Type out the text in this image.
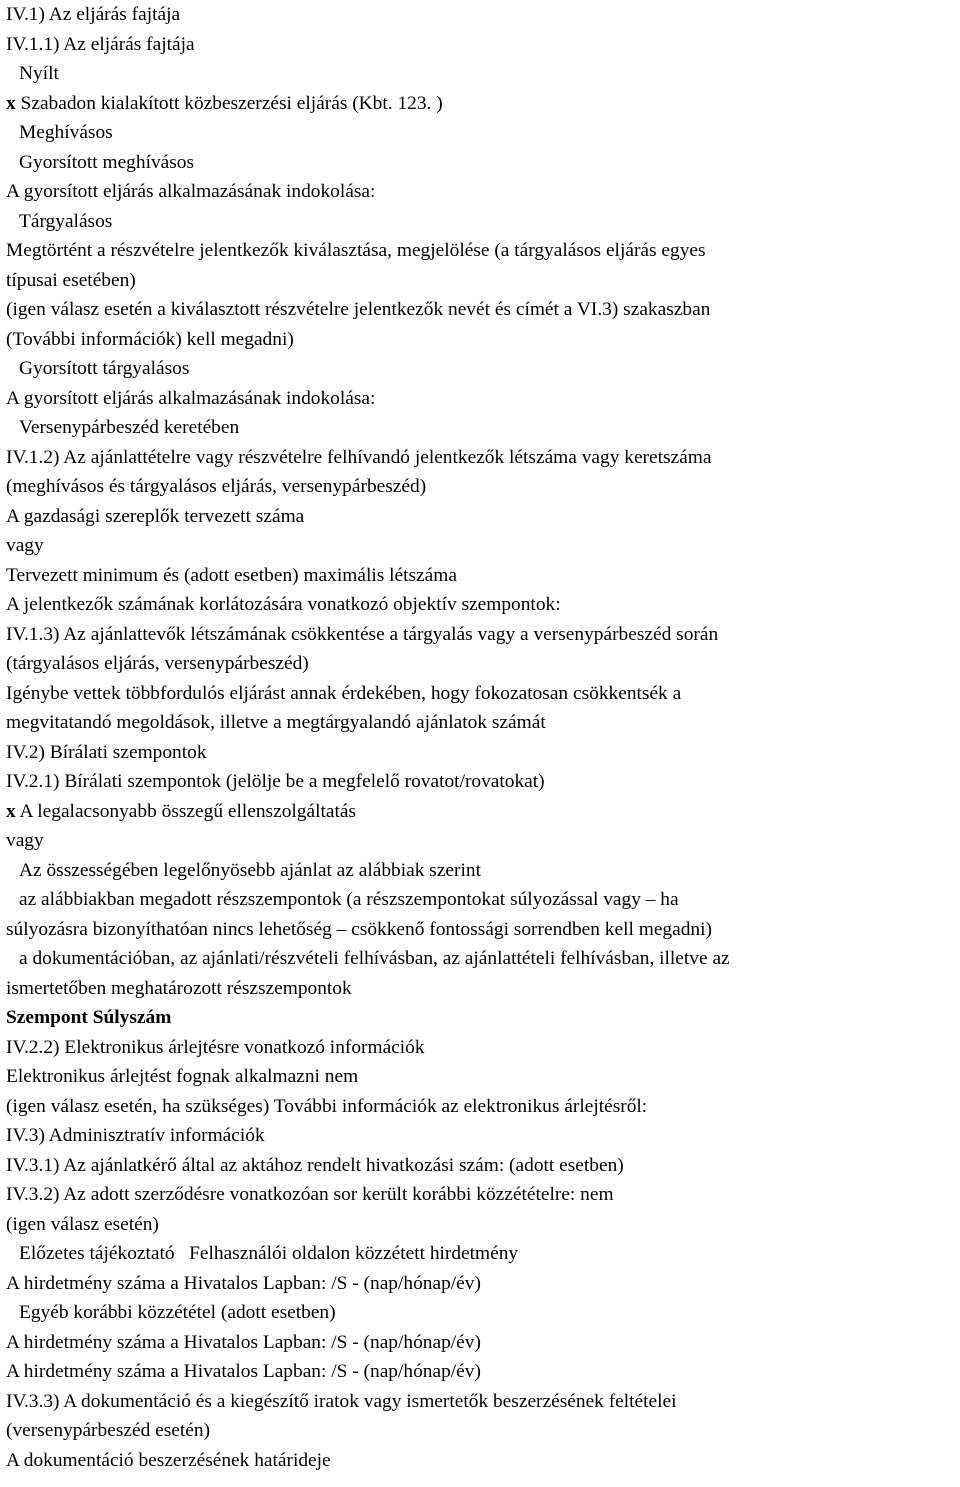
IV.1) Az eljárás fajtája
IV.1.1) Az eljárás fajtája
Nyílt
x Szabadon kialakított közbeszerzési eljárás (Kbt. 123. )
Meghívásos
Gyorsított meghívásos
A gyorsított eljárás alkalmazásának indokolása:
Tárgyalásos
Megtörtént a részvételre jelentkezők kiválasztása, megjelölése (a tárgyalásos eljárás egyes
típusai esetében)
(igen válasz esetén a kiválasztott részvételre jelentkezők nevét és címét a VI.3) szakaszban
(További információk) kell megadni)
Gyorsított tárgyalásos
A gyorsított eljárás alkalmazásának indokolása:
Versenypárbeszéd keretében
IV.1.2) Az ajánlattételre vagy részvételre felhívandó jelentkezők létszáma vagy keretszáma
(meghívásos és tárgyalásos eljárás, versenypárbeszéd)
A gazdasági szereplők tervezett száma
vagy
Tervezett minimum és (adott esetben) maximális létszáma
A jelentkezők számának korlátozására vonatkozó objektív szempontok:
IV.1.3) Az ajánlattevők létszámának csökkentése a tárgyalás vagy a versenypárbeszéd során
(tárgyalásos eljárás, versenypárbeszéd)
Igénybe vettek többfordulós eljárást annak érdekében, hogy fokozatosan csökkentsék a
megvitatandó megoldások, illetve a megtárgyalandó ajánlatok számát
IV.2) Bírálati szempontok
IV.2.1) Bírálati szempontok (jelölje be a megfelelő rovatot/rovatokat)
x A legalacsonyabb összegű ellenszolgáltatás
vagy
Az összességében legelőnyösebb ajánlat az alábbiak szerint
az alábbiakban megadott részszempontok (a részszempontokat súlyozással vagy – ha
súlyozásra bizonyíthatóan nincs lehetőség – csökkenő fontossági sorrendben kell megadni)
a dokumentációban, az ajánlati/részvételi felhívásban, az ajánlattételi felhívásban, illetve az
ismertetőben meghatározott részszempontok
Szempont Súlyszám
IV.2.2) Elektronikus árlejtésre vonatkozó információk
Elektronikus árlejtést fognak alkalmazni nem
(igen válasz esetén, ha szükséges) További információk az elektronikus árlejtésről:
IV.3) Adminisztratív információk
IV.3.1) Az ajánlatkérő által az aktához rendelt hivatkozási szám: (adott esetben)
IV.3.2) Az adott szerződésre vonatkozóan sor került korábbi közzétételre: nem
(igen válasz esetén)
Előzetes tájékoztató   Felhasználói oldalon közzétett hirdetmény
A hirdetmény száma a Hivatalos Lapban: /S - (nap/hónap/év)
Egyéb korábbi közzététel (adott esetben)
A hirdetmény száma a Hivatalos Lapban: /S - (nap/hónap/év)
A hirdetmény száma a Hivatalos Lapban: /S - (nap/hónap/év)
IV.3.3) A dokumentáció és a kiegészítő iratok vagy ismertetők beszerzésének feltételei
(versenypárbeszéd esetén)
A dokumentáció beszerzésének határideje
